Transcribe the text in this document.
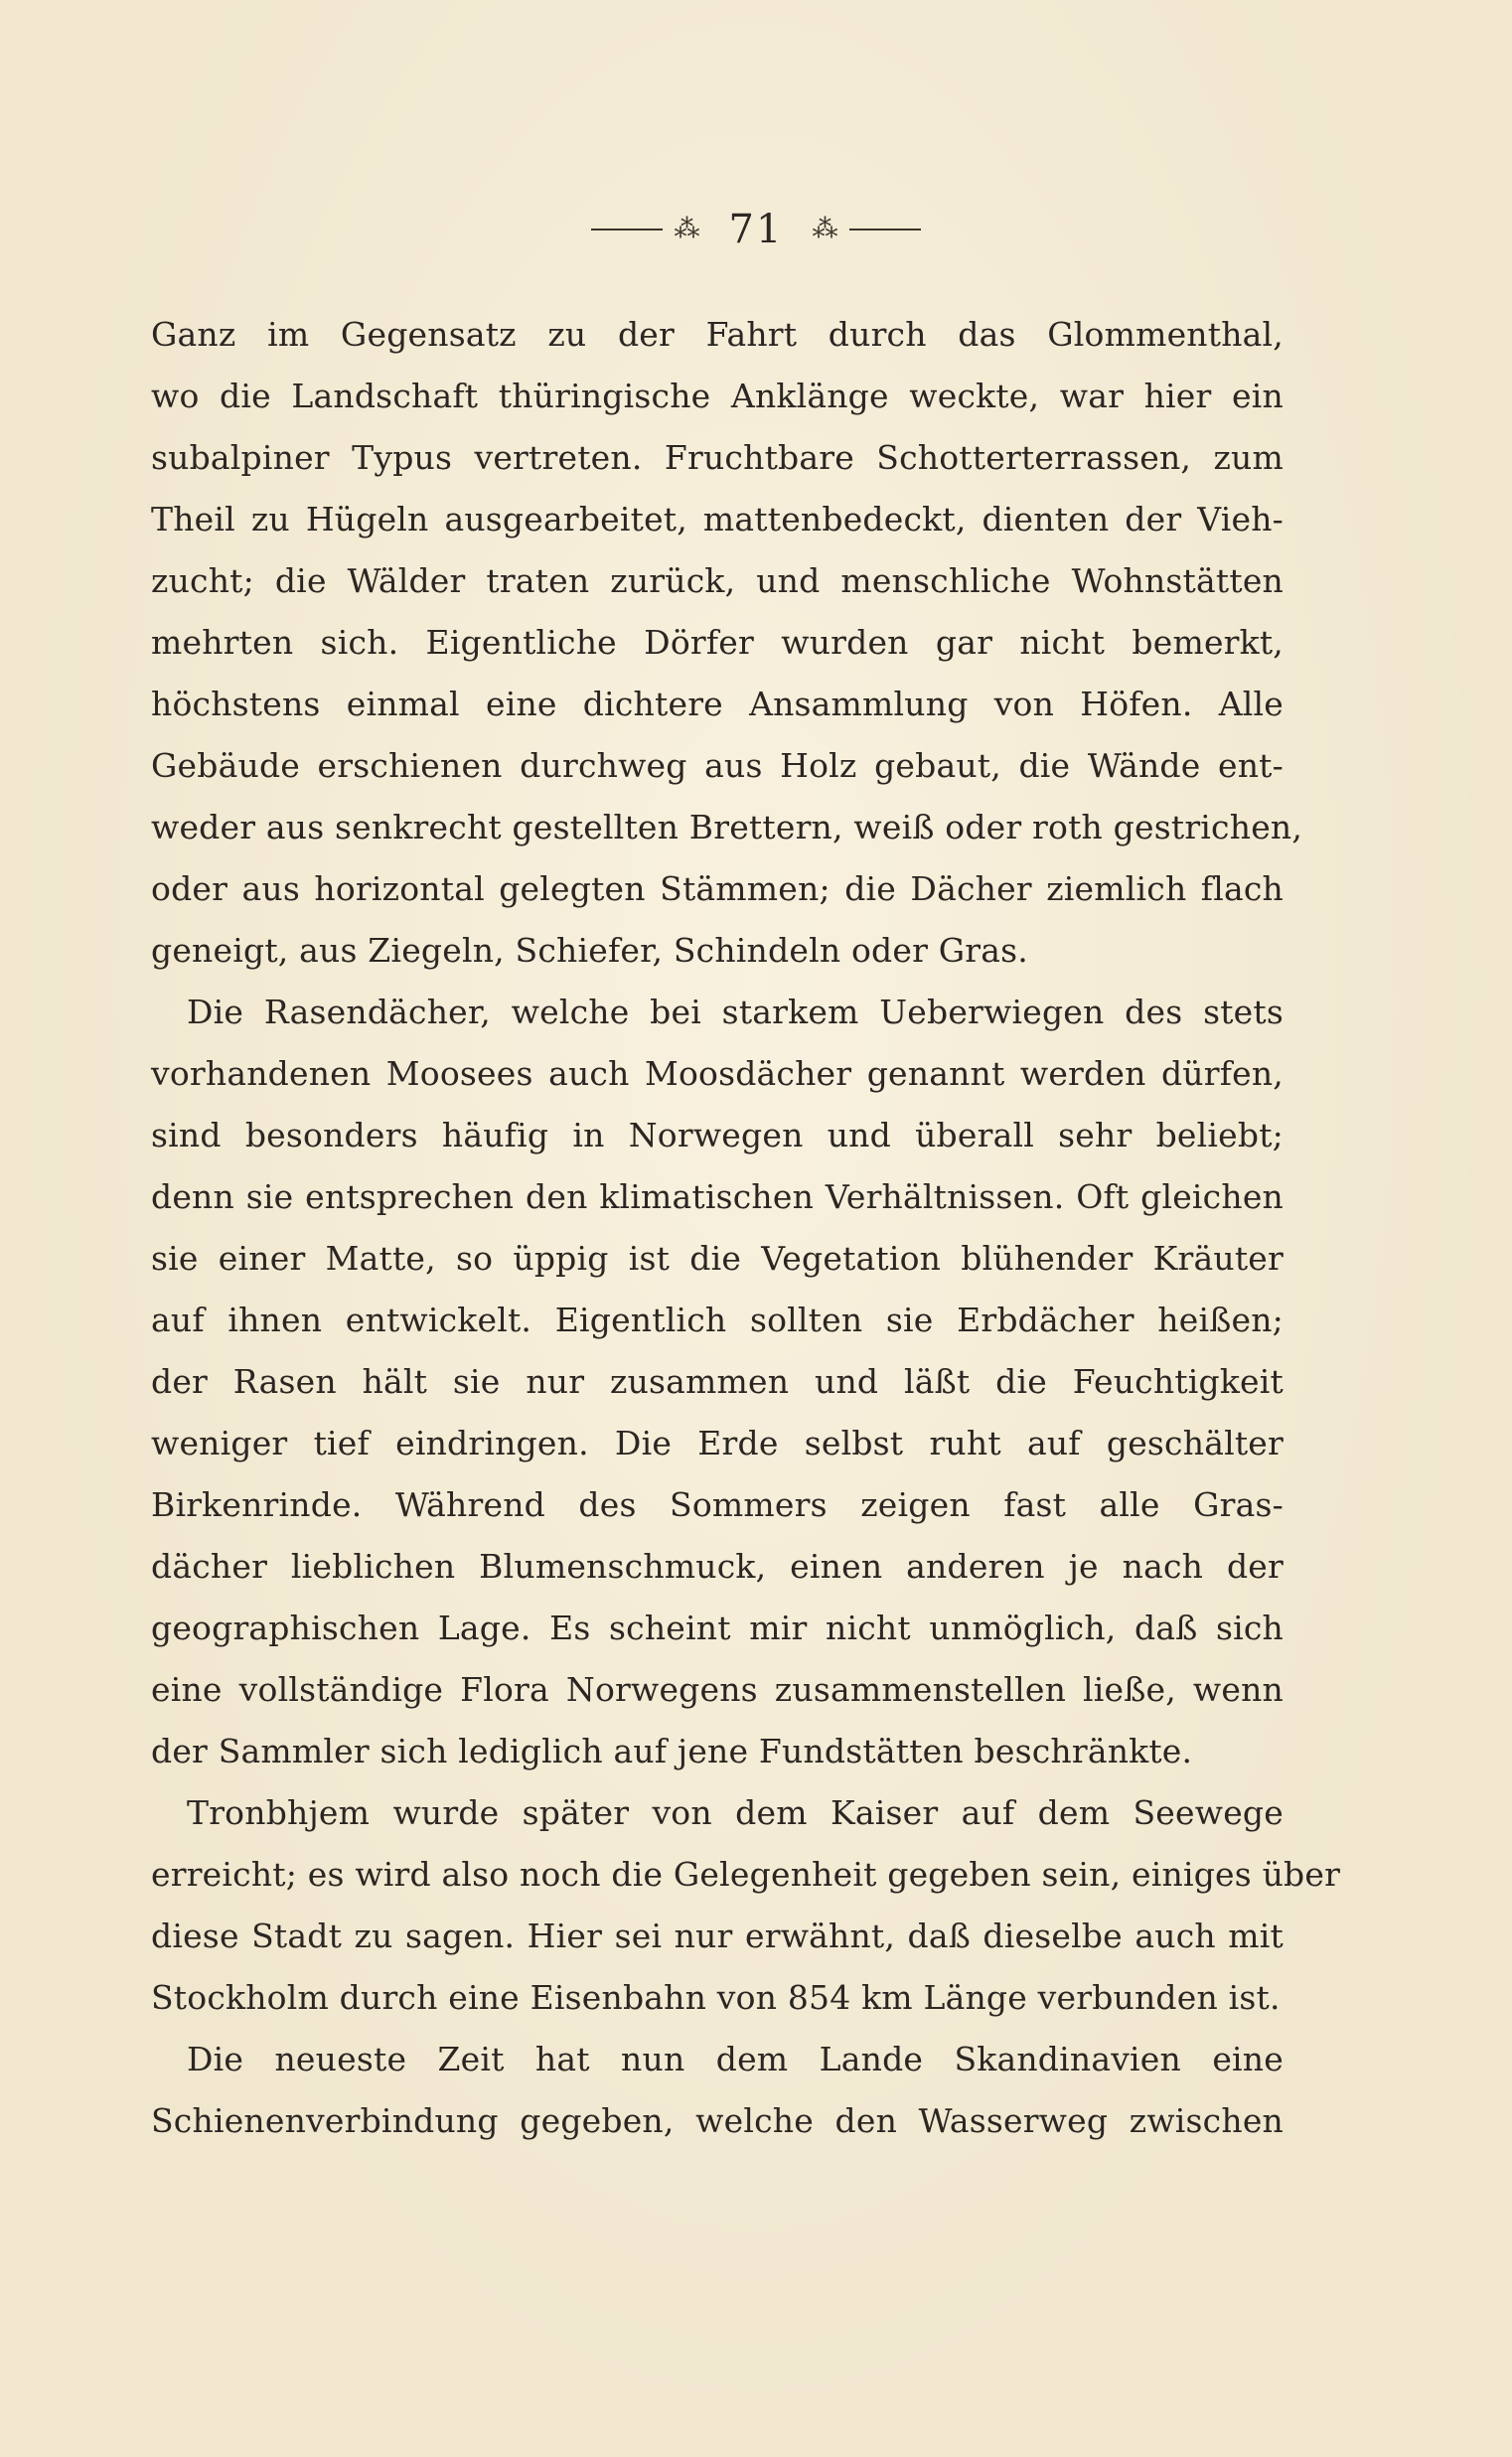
⁂ 71 ⁂
Ganz im Gegensatz zu der Fahrt durch das Glommenthal,
wo die Landschaft thüringische Anklänge weckte, war hier ein
subalpiner Typus vertreten. Fruchtbare Schotterterrassen, zum
Theil zu Hügeln ausgearbeitet, mattenbedeckt, dienten der Vieh-
zucht; die Wälder traten zurück, und menschliche Wohnstätten
mehrten sich. Eigentliche Dörfer wurden gar nicht bemerkt,
höchstens einmal eine dichtere Ansammlung von Höfen. Alle
Gebäude erschienen durchweg aus Holz gebaut, die Wände ent-
weder aus senkrecht gestellten Brettern, weiß oder roth gestrichen,
oder aus horizontal gelegten Stämmen; die Dächer ziemlich flach
geneigt, aus Ziegeln, Schiefer, Schindeln oder Gras.
Die Rasendächer, welche bei starkem Ueberwiegen des stets
vorhandenen Moosees auch Moosdächer genannt werden dürfen,
sind besonders häufig in Norwegen und überall sehr beliebt;
denn sie entsprechen den klimatischen Verhältnissen. Oft gleichen
sie einer Matte, so üppig ist die Vegetation blühender Kräuter
auf ihnen entwickelt. Eigentlich sollten sie Erbdächer heißen;
der Rasen hält sie nur zusammen und läßt die Feuchtigkeit
weniger tief eindringen. Die Erde selbst ruht auf geschälter
Birkenrinde. Während des Sommers zeigen fast alle Gras-
dächer lieblichen Blumenschmuck, einen anderen je nach der
geographischen Lage. Es scheint mir nicht unmöglich, daß sich
eine vollständige Flora Norwegens zusammenstellen ließe, wenn
der Sammler sich lediglich auf jene Fundstätten beschränkte.
Tronbhjem wurde später von dem Kaiser auf dem Seewege
erreicht; es wird also noch die Gelegenheit gegeben sein, einiges über
diese Stadt zu sagen. Hier sei nur erwähnt, daß dieselbe auch mit
Stockholm durch eine Eisenbahn von 854 km Länge verbunden ist.
Die neueste Zeit hat nun dem Lande Skandinavien eine
Schienenverbindung gegeben, welche den Wasserweg zwischen
